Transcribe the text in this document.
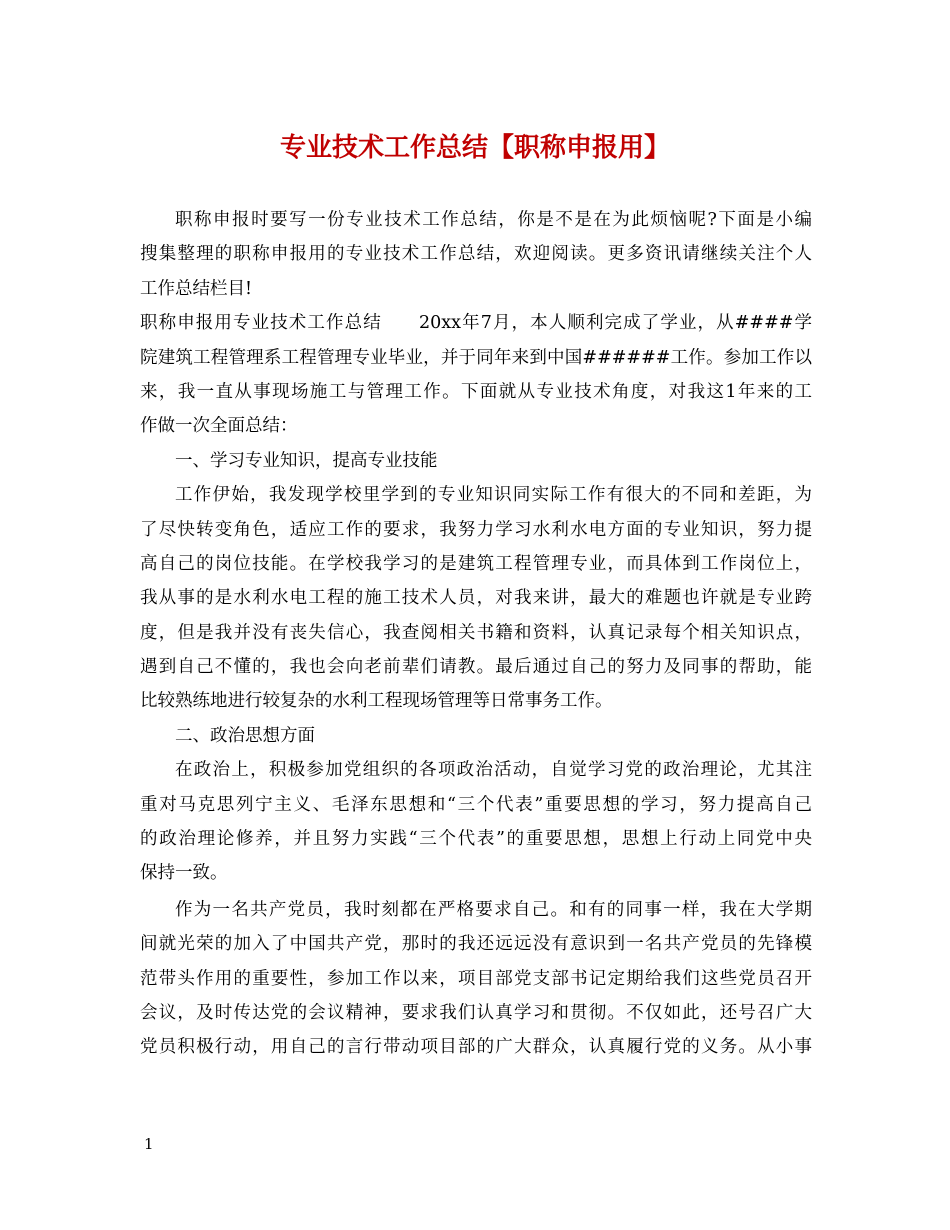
专业技术工作总结【职称申报用】
职称申报时要写一份专业技术工作总结，你是不是在为此烦恼呢?下面是小编
搜集整理的职称申报用的专业技术工作总结，欢迎阅读。更多资讯请继续关注个人
工作总结栏目!
职称申报用专业技术工作总结　　20xx年7月，本人顺利完成了学业，从####学
院建筑工程管理系工程管理专业毕业，并于同年来到中国######工作。参加工作以
来，我一直从事现场施工与管理工作。下面就从专业技术角度，对我这1年来的工
作做一次全面总结：
一、学习专业知识，提高专业技能
工作伊始，我发现学校里学到的专业知识同实际工作有很大的不同和差距，为
了尽快转变角色，适应工作的要求，我努力学习水利水电方面的专业知识，努力提
高自己的岗位技能。在学校我学习的是建筑工程管理专业，而具体到工作岗位上，
我从事的是水利水电工程的施工技术人员，对我来讲，最大的难题也许就是专业跨
度，但是我并没有丧失信心，我查阅相关书籍和资料，认真记录每个相关知识点，
遇到自己不懂的，我也会向老前辈们请教。最后通过自己的努力及同事的帮助，能
比较熟练地进行较复杂的水利工程现场管理等日常事务工作。
二、政治思想方面
在政治上，积极参加党组织的各项政治活动，自觉学习党的政治理论，尤其注
重对马克思列宁主义、毛泽东思想和“三个代表”重要思想的学习，努力提高自己
的政治理论修养，并且努力实践“三个代表”的重要思想，思想上行动上同党中央
保持一致。
作为一名共产党员，我时刻都在严格要求自己。和有的同事一样，我在大学期
间就光荣的加入了中国共产党，那时的我还远远没有意识到一名共产党员的先锋模
范带头作用的重要性，参加工作以来，项目部党支部书记定期给我们这些党员召开
会议，及时传达党的会议精神，要求我们认真学习和贯彻。不仅如此，还号召广大
党员积极行动，用自己的言行带动项目部的广大群众，认真履行党的义务。从小事
1
